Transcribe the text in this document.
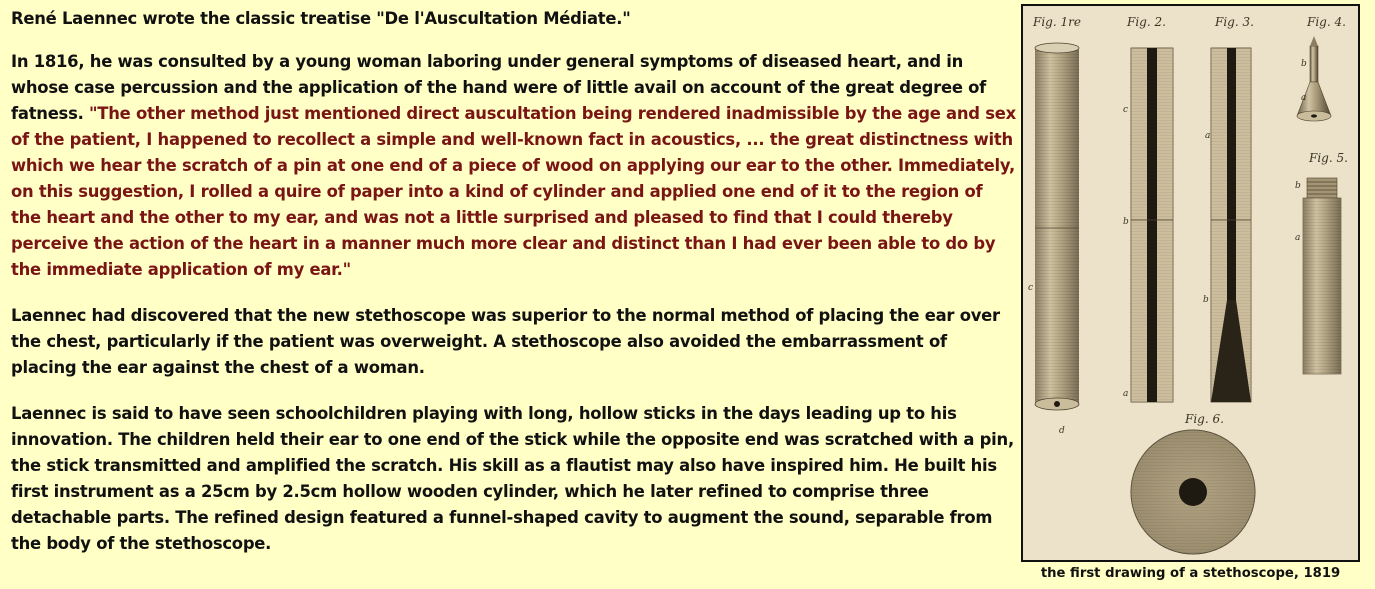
René Laennec wrote the classic treatise "De l'Auscultation Médiate."

In 1816, he was consulted by a young woman laboring under general symptoms of diseased heart, and in whose case percussion and the application of the hand were of little avail on account of the great degree of fatness. "The other method just mentioned direct auscultation being rendered inadmissible by the age and sex of the patient, I happened to recollect a simple and well-known fact in acoustics, ... the great distinctness with which we hear the scratch of a pin at one end of a piece of wood on applying our ear to the other. Immediately, on this suggestion, I rolled a quire of paper into a kind of cylinder and applied one end of it to the region of the heart and the other to my ear, and was not a little surprised and pleased to find that I could thereby perceive the action of the heart in a manner much more clear and distinct than I had ever been able to do by the immediate application of my ear."

Laennec had discovered that the new stethoscope was superior to the normal method of placing the ear over the chest, particularly if the patient was overweight. A stethoscope also avoided the embarrassment of placing the ear against the chest of a woman.

Laennec is said to have seen schoolchildren playing with long, hollow sticks in the days leading up to his innovation. The children held their ear to one end of the stick while the opposite end was scratched with a pin, the stick transmitted and amplified the scratch. His skill as a flautist may also have inspired him. He built his first instrument as a 25cm by 2.5cm hollow wooden cylinder, which he later refined to comprise three detachable parts. The refined design featured a funnel-shaped cavity to augment the sound, separable from the body of the stethoscope.

Fig. 1re	Fig. 2.	Fig. 3.	Fig. 4.
Fig. 5.
Fig. 6.
d
c
c
b
a
a
b
b
a
b
a
the first drawing of a stethoscope, 1819
